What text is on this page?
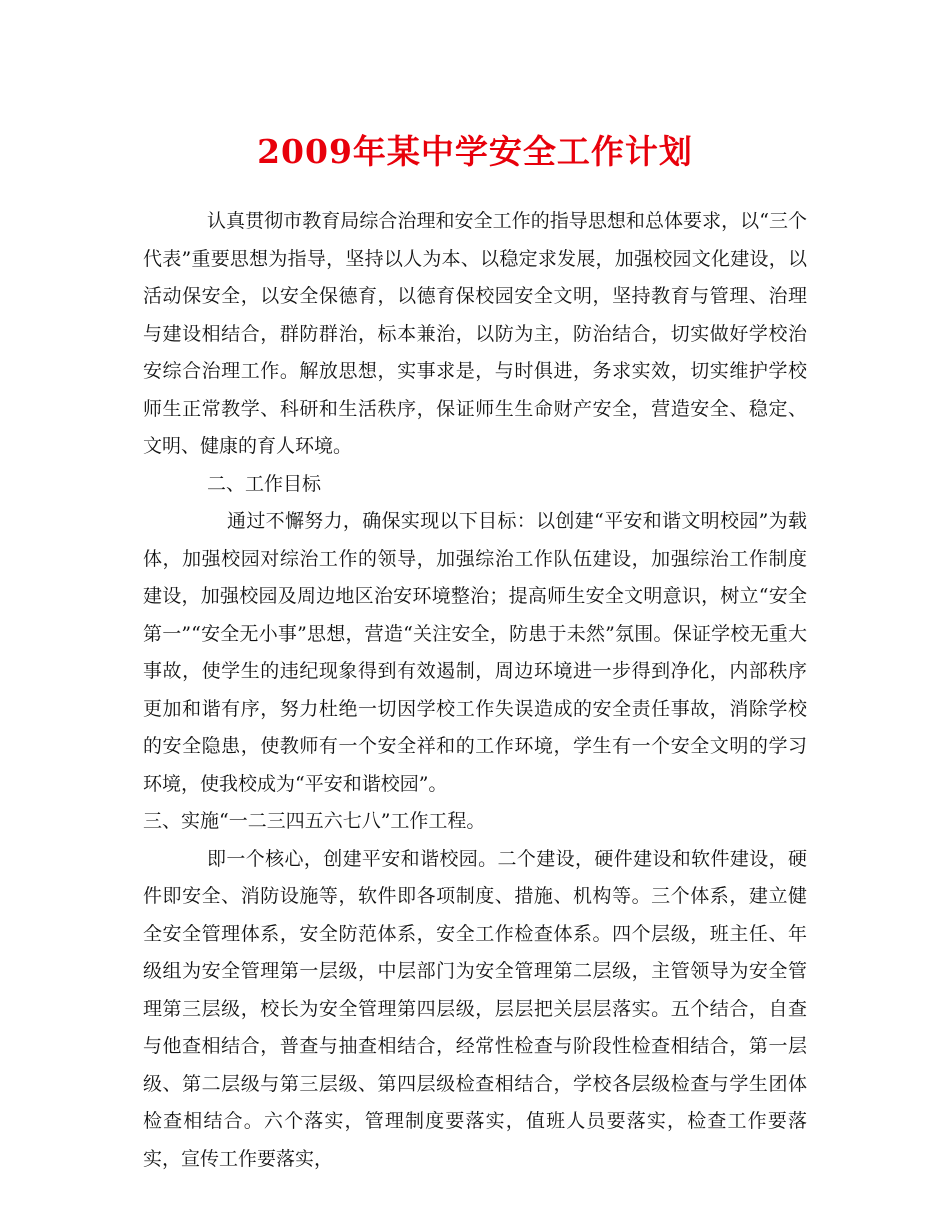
2009年某中学安全工作计划

认真贯彻市教育局综合治理和安全工作的指导思想和总体要求，以“三个代表”重要思想为指导，坚持以人为本、以稳定求发展，加强校园文化建设，以活动保安全，以安全保德育，以德育保校园安全文明，坚持教育与管理、治理与建设相结合，群防群治，标本兼治，以防为主，防治结合，切实做好学校治安综合治理工作。解放思想，实事求是，与时俱进，务求实效，切实维护学校师生正常教学、科研和生活秩序，保证师生生命财产安全，营造安全、稳定、文明、健康的育人环境。

二、工作目标

通过不懈努力，确保实现以下目标：以创建“平安和谐文明校园”为载体，加强校园对综治工作的领导，加强综治工作队伍建设，加强综治工作制度建设，加强校园及周边地区治安环境整治；提高师生安全文明意识，树立“安全第一”“安全无小事”思想，营造“关注安全，防患于未然”氛围。保证学校无重大事故，使学生的违纪现象得到有效遏制，周边环境进一步得到净化，内部秩序更加和谐有序，努力杜绝一切因学校工作失误造成的安全责任事故，消除学校的安全隐患，使教师有一个安全祥和的工作环境，学生有一个安全文明的学习环境，使我校成为“平安和谐校园”。

三、实施“一二三四五六七八”工作工程。

即一个核心，创建平安和谐校园。二个建设，硬件建设和软件建设，硬件即安全、消防设施等，软件即各项制度、措施、机构等。三个体系，建立健全安全管理体系，安全防范体系，安全工作检查体系。四个层级，班主任、年级组为安全管理第一层级，中层部门为安全管理第二层级，主管领导为安全管理第三层级，校长为安全管理第四层级，层层把关层层落实。五个结合，自查与他查相结合，普查与抽查相结合，经常性检查与阶段性检查相结合，第一层级、第二层级与第三层级、第四层级检查相结合，学校各层级检查与学生团体检查相结合。六个落实，管理制度要落实，值班人员要落实，检查工作要落实，宣传工作要落实，
